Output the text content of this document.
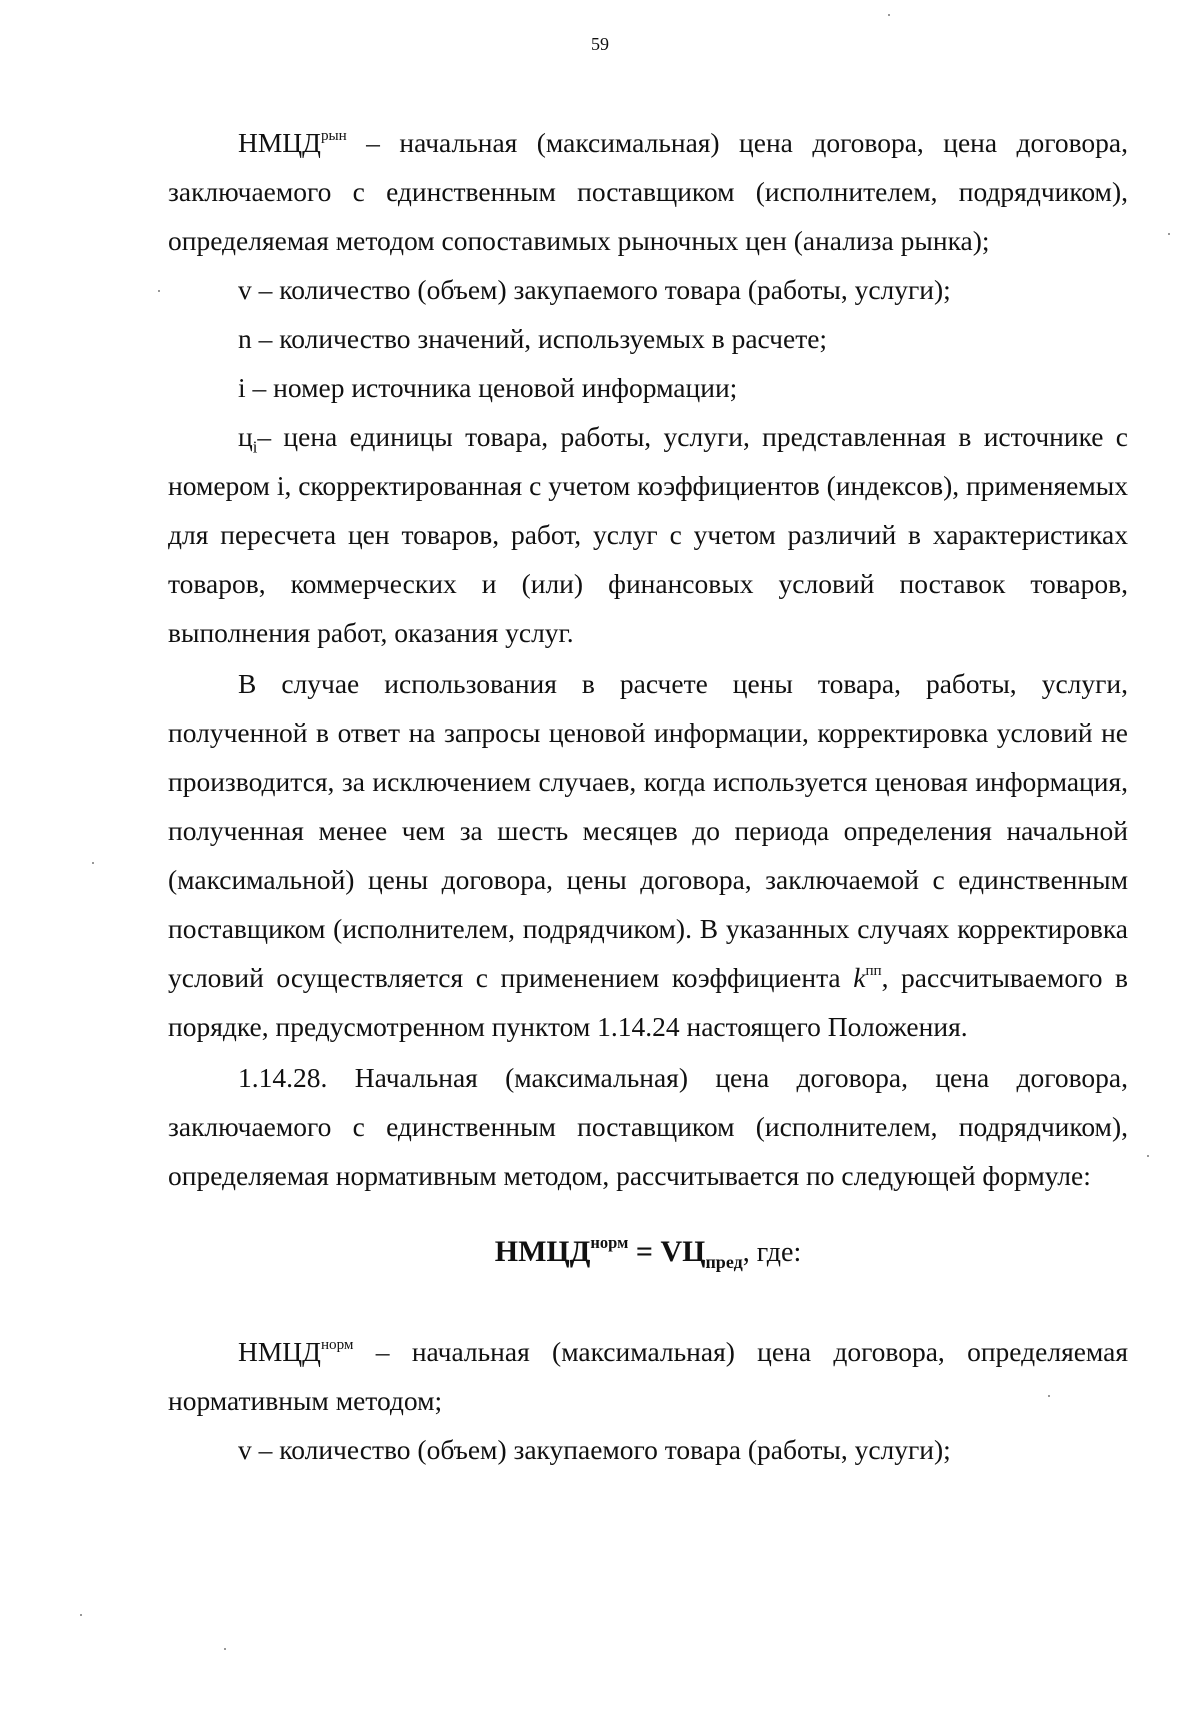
59

$НМЦД^{рын}$ – начальная (максимальная) цена договора, цена договора, заключаемого с единственным поставщиком (исполнителем, подрядчиком), определяемая методом сопоставимых рыночных цен (анализа рынка);

v – количество (объем) закупаемого товара (работы, услуги);

n – количество значений, используемых в расчете;

i – номер источника ценовой информации;

$ц_i-$ цена единицы товара, работы, услуги, представленная в источнике с номером i, скорректированная с учетом коэффициентов (индексов), применяемых для пересчета цен товаров, работ, услуг с учетом различий в характеристиках товаров, коммерческих и (или) финансовых условий поставок товаров, выполнения работ, оказания услуг.

В случае использования в расчете цены товара, работы, услуги, полученной в ответ на запросы ценовой информации, корректировка условий не производится, за исключением случаев, когда используется ценовая информация, полученная менее чем за шесть месяцев до периода определения начальной (максимальной) цены договора, цены договора, заключаемой с единственным поставщиком (исполнителем, подрядчиком). В указанных случаях корректировка условий осуществляется с применением коэффициента $k^{пп}$, рассчитываемого в порядке, предусмотренном пунктом 1.14.24 настоящего Положения.

1.14.28. Начальная (максимальная) цена договора, цена договора, заключаемого с единственным поставщиком (исполнителем, подрядчиком), определяемая нормативным методом, рассчитывается по следующей формуле:

$НМЦД^{норм} = VЦ_{пред}$, где:

$НМЦД^{норм}$ – начальная (максимальная) цена договора, определяемая нормативным методом;

v – количество (объем) закупаемого товара (работы, услуги);
